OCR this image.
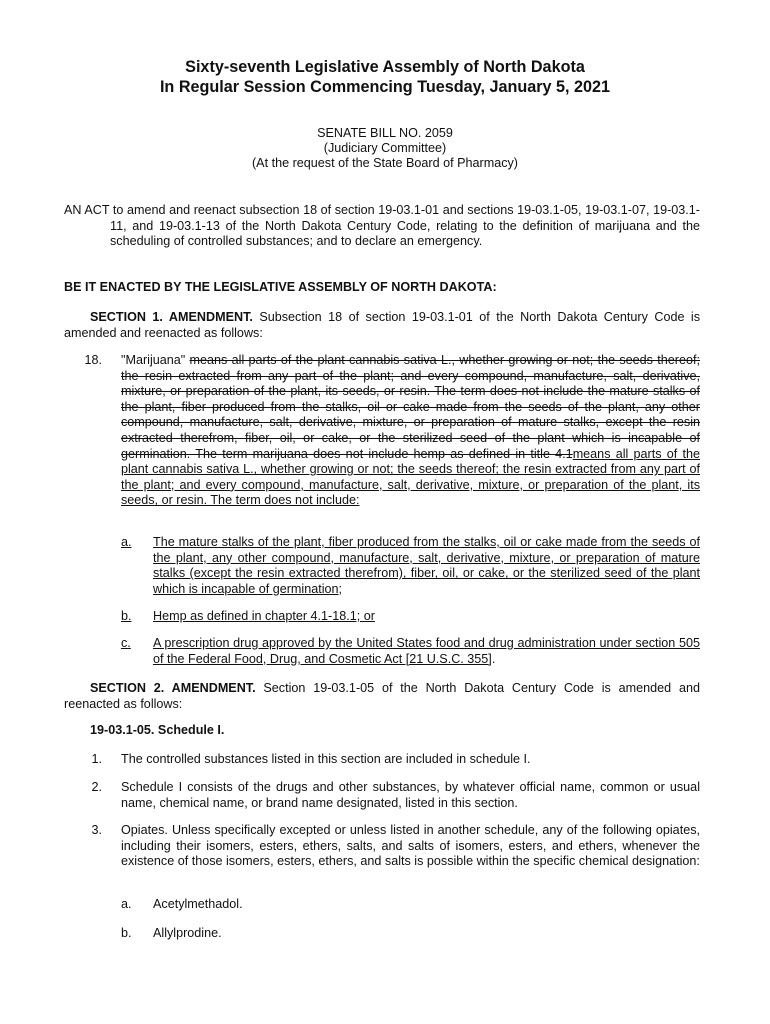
Sixty-seventh Legislative Assembly of North Dakota
In Regular Session Commencing Tuesday, January 5, 2021
SENATE BILL NO. 2059
(Judiciary Committee)
(At the request of the State Board of Pharmacy)
AN ACT to amend and reenact subsection 18 of section 19-03.1-01 and sections 19-03.1-05, 19-03.1-07, 19-03.1-11, and 19-03.1-13 of the North Dakota Century Code, relating to the definition of marijuana and the scheduling of controlled substances; and to declare an emergency.
BE IT ENACTED BY THE LEGISLATIVE ASSEMBLY OF NORTH DAKOTA:
SECTION 1. AMENDMENT. Subsection 18 of section 19-03.1-01 of the North Dakota Century Code is amended and reenacted as follows:
18. "Marijuana" means all parts of the plant cannabis sativa L., whether growing or not; the seeds thereof; the resin extracted from any part of the plant; and every compound, manufacture, salt, derivative, mixture, or preparation of the plant, its seeds, or resin. The term does not include the mature stalks of the plant, fiber produced from the stalks, oil or cake made from the seeds of the plant, any other compound, manufacture, salt, derivative, mixture, or preparation of mature stalks, except the resin extracted therefrom, fiber, oil, or cake, or the sterilized seed of the plant which is incapable of germination. The term marijuana does not include hemp as defined in title 4.1means all parts of the plant cannabis sativa L., whether growing or not; the seeds thereof; the resin extracted from any part of the plant; and every compound, manufacture, salt, derivative, mixture, or preparation of the plant, its seeds, or resin. The term does not include:
a.	The mature stalks of the plant, fiber produced from the stalks, oil or cake made from the seeds of the plant, any other compound, manufacture, salt, derivative, mixture, or preparation of mature stalks (except the resin extracted therefrom), fiber, oil, or cake, or the sterilized seed of the plant which is incapable of germination;
b.	Hemp as defined in chapter 4.1-18.1; or
c.	A prescription drug approved by the United States food and drug administration under section 505 of the Federal Food, Drug, and Cosmetic Act [21 U.S.C. 355].
SECTION 2. AMENDMENT. Section 19-03.1-05 of the North Dakota Century Code is amended and reenacted as follows:
19-03.1-05. Schedule I.
1. The controlled substances listed in this section are included in schedule I.
2. Schedule I consists of the drugs and other substances, by whatever official name, common or usual name, chemical name, or brand name designated, listed in this section.
3. Opiates. Unless specifically excepted or unless listed in another schedule, any of the following opiates, including their isomers, esters, ethers, salts, and salts of isomers, esters, and ethers, whenever the existence of those isomers, esters, ethers, and salts is possible within the specific chemical designation:
a.	Acetylmethadol.
b.	Allylprodine.
